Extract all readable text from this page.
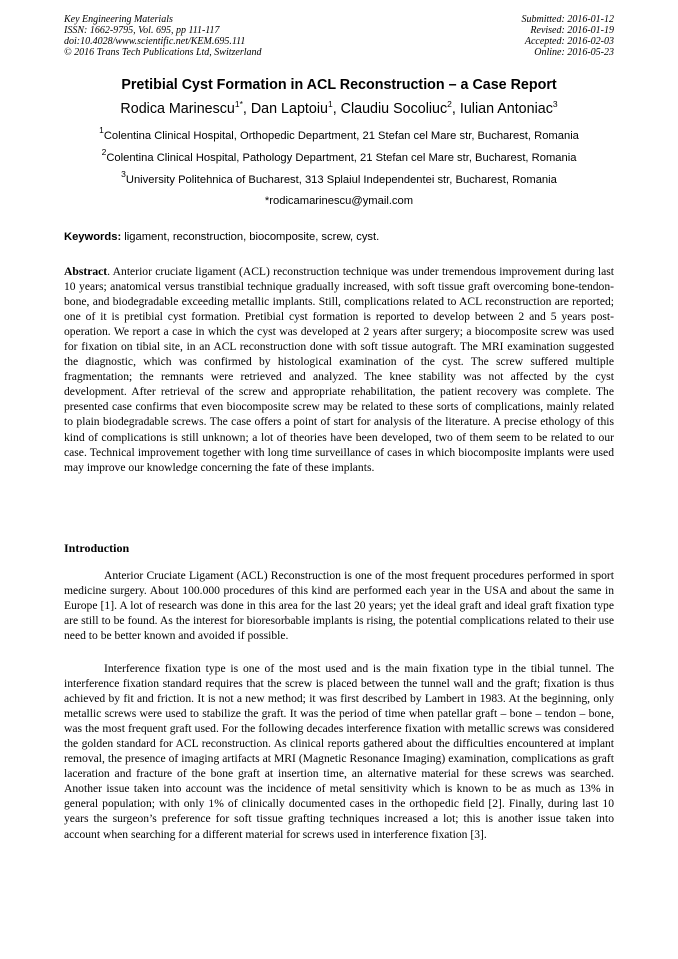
Key Engineering Materials
ISSN: 1662-9795, Vol. 695, pp 111-117
doi:10.4028/www.scientific.net/KEM.695.111
© 2016 Trans Tech Publications Ltd, Switzerland
Submitted: 2016-01-12
Revised: 2016-01-19
Accepted: 2016-02-03
Online: 2016-05-23
Pretibial Cyst Formation in ACL Reconstruction – a Case Report
Rodica Marinescu$^{1*}$, Dan Laptoiu$^1$, Claudiu Socoliuc$^2$, Iulian Antoniac$^3$
$^1$Colentina Clinical Hospital, Orthopedic Department, 21 Stefan cel Mare str, Bucharest, Romania
$^2$Colentina Clinical Hospital, Pathology Department, 21 Stefan cel Mare str, Bucharest, Romania
$^3$University Politehnica of Bucharest, 313 Splaiul Independentei str, Bucharest, Romania
*rodicamarinescu@ymail.com
Keywords: ligament, reconstruction, biocomposite, screw, cyst.
Abstract. Anterior cruciate ligament (ACL) reconstruction technique was under tremendous improvement during last 10 years; anatomical versus transtibial technique gradually increased, with soft tissue graft overcoming bone-tendon-bone, and biodegradable exceeding metallic implants. Still, complications related to ACL reconstruction are reported; one of it is pretibial cyst formation. Pretibial cyst formation is reported to develop between 2 and 5 years post-operation. We report a case in which the cyst was developed at 2 years after surgery; a biocomposite screw was used for fixation on tibial site, in an ACL reconstruction done with soft tissue autograft. The MRI examination suggested the diagnostic, which was confirmed by histological examination of the cyst. The screw suffered multiple fragmentation; the remnants were retrieved and analyzed. The knee stability was not affected by the cyst development. After retrieval of the screw and appropriate rehabilitation, the patient recovery was complete. The presented case confirms that even biocomposite screw may be related to these sorts of complications, mainly related to plain biodegradable screws. The case offers a point of start for analysis of the literature. A precise ethology of this kind of complications is still unknown; a lot of theories have been developed, two of them seem to be related to our case. Technical improvement together with long time surveillance of cases in which biocomposite implants were used may improve our knowledge concerning the fate of these implants.
Introduction
Anterior Cruciate Ligament (ACL) Reconstruction is one of the most frequent procedures performed in sport medicine surgery. About 100.000 procedures of this kind are performed each year in the USA and about the same in Europe [1]. A lot of research was done in this area for the last 20 years; yet the ideal graft and ideal graft fixation type are still to be found. As the interest for bioresorbable implants is rising, the potential complications related to their use need to be better known and avoided if possible.
Interference fixation type is one of the most used and is the main fixation type in the tibial tunnel. The interference fixation standard requires that the screw is placed between the tunnel wall and the graft; fixation is thus achieved by fit and friction. It is not a new method; it was first described by Lambert in 1983. At the beginning, only metallic screws were used to stabilize the graft. It was the period of time when patellar graft – bone – tendon – bone, was the most frequent graft used. For the following decades interference fixation with metallic screws was considered the golden standard for ACL reconstruction. As clinical reports gathered about the difficulties encountered at implant removal, the presence of imaging artifacts at MRI (Magnetic Resonance Imaging) examination, complications as graft laceration and fracture of the bone graft at insertion time, an alternative material for these screws was searched. Another issue taken into account was the incidence of metal sensitivity which is known to be as much as 13% in general population; with only 1% of clinically documented cases in the orthopedic field [2]. Finally, during last 10 years the surgeon’s preference for soft tissue grafting techniques increased a lot; this is another issue taken into account when searching for a different material for screws used in interference fixation [3].
